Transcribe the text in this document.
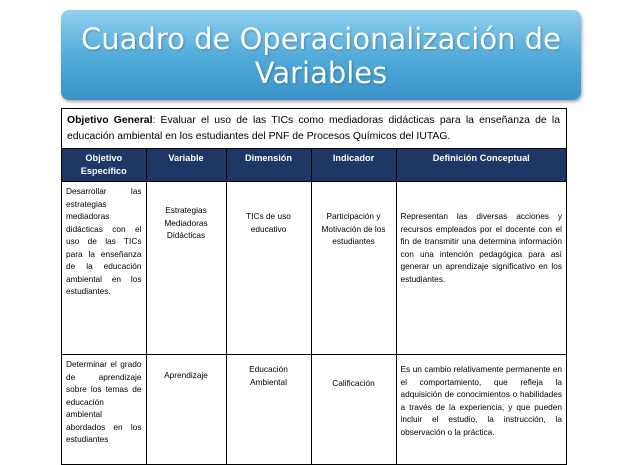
Cuadro de Operacionalización de
Variables
Objetivo General: Evaluar el uso de las TICs como mediadoras didácticas para la enseñanza de la educación ambiental en los estudiantes del PNF de Procesos Químicos del IUTAG.
Objetivo Específico	Variable	Dimensión	Indicador	Definición Conceptual
Desarrollar las estrategias mediadoras didácticas con el uso de las TICs para la enseñanza de la educación ambiental en los estudiantes.	Estrategias Mediadoras Didácticas	TICs de uso educativo	Participación y Motivación de los estudiantes	Representan las diversas acciones y recursos empleados por el docente con el fin de transmitir una determina información con una intención pedagógica para así generar un aprendizaje significativo en los estudiantes.
Determinar el grado de aprendizaje sobre los temas de educación ambiental abordados en los estudiantes	Aprendizaje	Educación Ambiental	Calificación	Es un cambio relativamente permanente en el comportamiento, que refleja la adquisición de conocimientos o habilidades a través de la experiencia, y que pueden incluir el estudio, la instrucción, la observación o la práctica.
